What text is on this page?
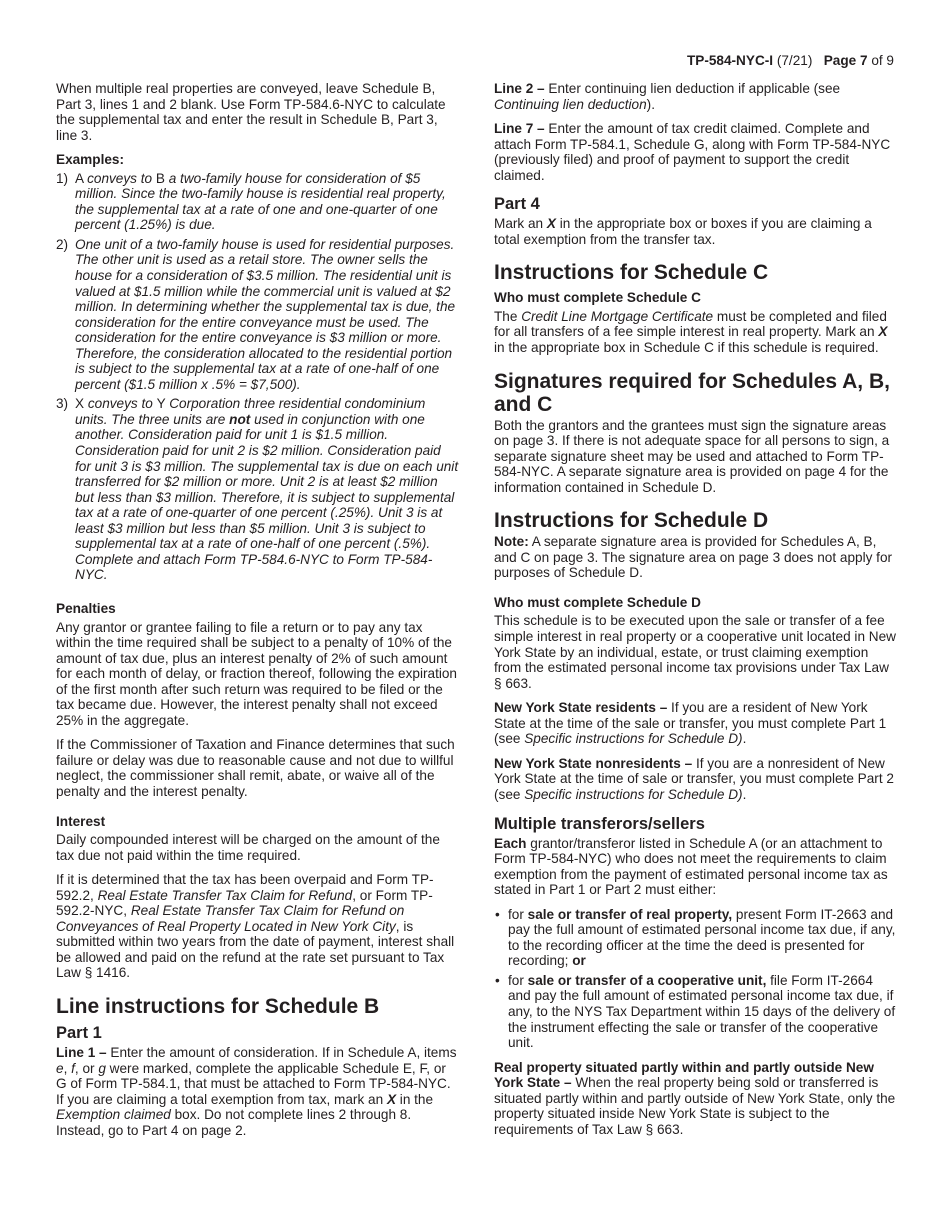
TP-584-NYC-I (7/21) Page 7 of 9

When multiple real properties are conveyed, leave Schedule B, Part 3, lines 1 and 2 blank. Use Form TP-584.6-NYC to calculate the supplemental tax and enter the result in Schedule B, Part 3, line 3.

Examples:
1) A conveys to B a two-family house for consideration of $5 million. Since the two-family house is residential real property, the supplemental tax at a rate of one and one-quarter of one percent (1.25%) is due.
2) One unit of a two-family house is used for residential purposes. The other unit is used as a retail store. The owner sells the house for a consideration of $3.5 million. The residential unit is valued at $1.5 million while the commercial unit is valued at $2 million. In determining whether the supplemental tax is due, the consideration for the entire conveyance must be used. The consideration for the entire conveyance is $3 million or more. Therefore, the consideration allocated to the residential portion is subject to the supplemental tax at a rate of one-half of one percent ($1.5 million x .5% = $7,500).
3) X conveys to Y Corporation three residential condominium units. The three units are not used in conjunction with one another. Consideration paid for unit 1 is $1.5 million. Consideration paid for unit 2 is $2 million. Consideration paid for unit 3 is $3 million. The supplemental tax is due on each unit transferred for $2 million or more. Unit 2 is at least $2 million but less than $3 million. Therefore, it is subject to supplemental tax at a rate of one-quarter of one percent (.25%). Unit 3 is at least $3 million but less than $5 million. Unit 3 is subject to supplemental tax at a rate of one-half of one percent (.5%). Complete and attach Form TP-584.6-NYC to Form TP-584-NYC.
Penalties

Any grantor or grantee failing to file a return or to pay any tax within the time required shall be subject to a penalty of 10% of the amount of tax due, plus an interest penalty of 2% of such amount for each month of delay, or fraction thereof, following the expiration of the first month after such return was required to be filed or the tax became due. However, the interest penalty shall not exceed 25% in the aggregate.

If the Commissioner of Taxation and Finance determines that such failure or delay was due to reasonable cause and not due to willful neglect, the commissioner shall remit, abate, or waive all of the penalty and the interest penalty.

Interest

Daily compounded interest will be charged on the amount of the tax due not paid within the time required.

If it is determined that the tax has been overpaid and Form TP-592.2, Real Estate Transfer Tax Claim for Refund, or Form TP-592.2-NYC, Real Estate Transfer Tax Claim for Refund on Conveyances of Real Property Located in New York City, is submitted within two years from the date of payment, interest shall be allowed and paid on the refund at the rate set pursuant to Tax Law § 1416.

Line instructions for Schedule B
Part 1

Line 1 – Enter the amount of consideration. If in Schedule A, items e, f, or g were marked, complete the applicable Schedule E, F, or G of Form TP-584.1, that must be attached to Form TP-584-NYC. If you are claiming a total exemption from tax, mark an X in the Exemption claimed box. Do not complete lines 2 through 8. Instead, go to Part 4 on page 2.

Line 2 – Enter continuing lien deduction if applicable (see Continuing lien deduction).

Line 7 – Enter the amount of tax credit claimed. Complete and attach Form TP-584.1, Schedule G, along with Form TP-584-NYC (previously filed) and proof of payment to support the credit claimed.

Part 4

Mark an X in the appropriate box or boxes if you are claiming a total exemption from the transfer tax.

Instructions for Schedule C
Who must complete Schedule C

The Credit Line Mortgage Certificate must be completed and filed for all transfers of a fee simple interest in real property. Mark an X in the appropriate box in Schedule C if this schedule is required.

Signatures required for Schedules A, B, and C

Both the grantors and the grantees must sign the signature areas on page 3. If there is not adequate space for all persons to sign, a separate signature sheet may be used and attached to Form TP-584-NYC. A separate signature area is provided on page 4 for the information contained in Schedule D.

Instructions for Schedule D

Note: A separate signature area is provided for Schedules A, B, and C on page 3. The signature area on page 3 does not apply for purposes of Schedule D.

Who must complete Schedule D

This schedule is to be executed upon the sale or transfer of a fee simple interest in real property or a cooperative unit located in New York State by an individual, estate, or trust claiming exemption from the estimated personal income tax provisions under Tax Law § 663.

New York State residents – If you are a resident of New York State at the time of the sale or transfer, you must complete Part 1 (see Specific instructions for Schedule D).

New York State nonresidents – If you are a nonresident of New York State at the time of sale or transfer, you must complete Part 2 (see Specific instructions for Schedule D).

Multiple transferors/sellers

Each grantor/transferor listed in Schedule A (or an attachment to Form TP-584-NYC) who does not meet the requirements to claim exemption from the payment of estimated personal income tax as stated in Part 1 or Part 2 must either:

• for sale or transfer of real property, present Form IT-2663 and pay the full amount of estimated personal income tax due, if any, to the recording officer at the time the deed is presented for recording; or
• for sale or transfer of a cooperative unit, file Form IT-2664 and pay the full amount of estimated personal income tax due, if any, to the NYS Tax Department within 15 days of the delivery of the instrument effecting the sale or transfer of the cooperative unit.

Real property situated partly within and partly outside New York State – When the real property being sold or transferred is situated partly within and partly outside of New York State, only the property situated inside New York State is subject to the requirements of Tax Law § 663.
